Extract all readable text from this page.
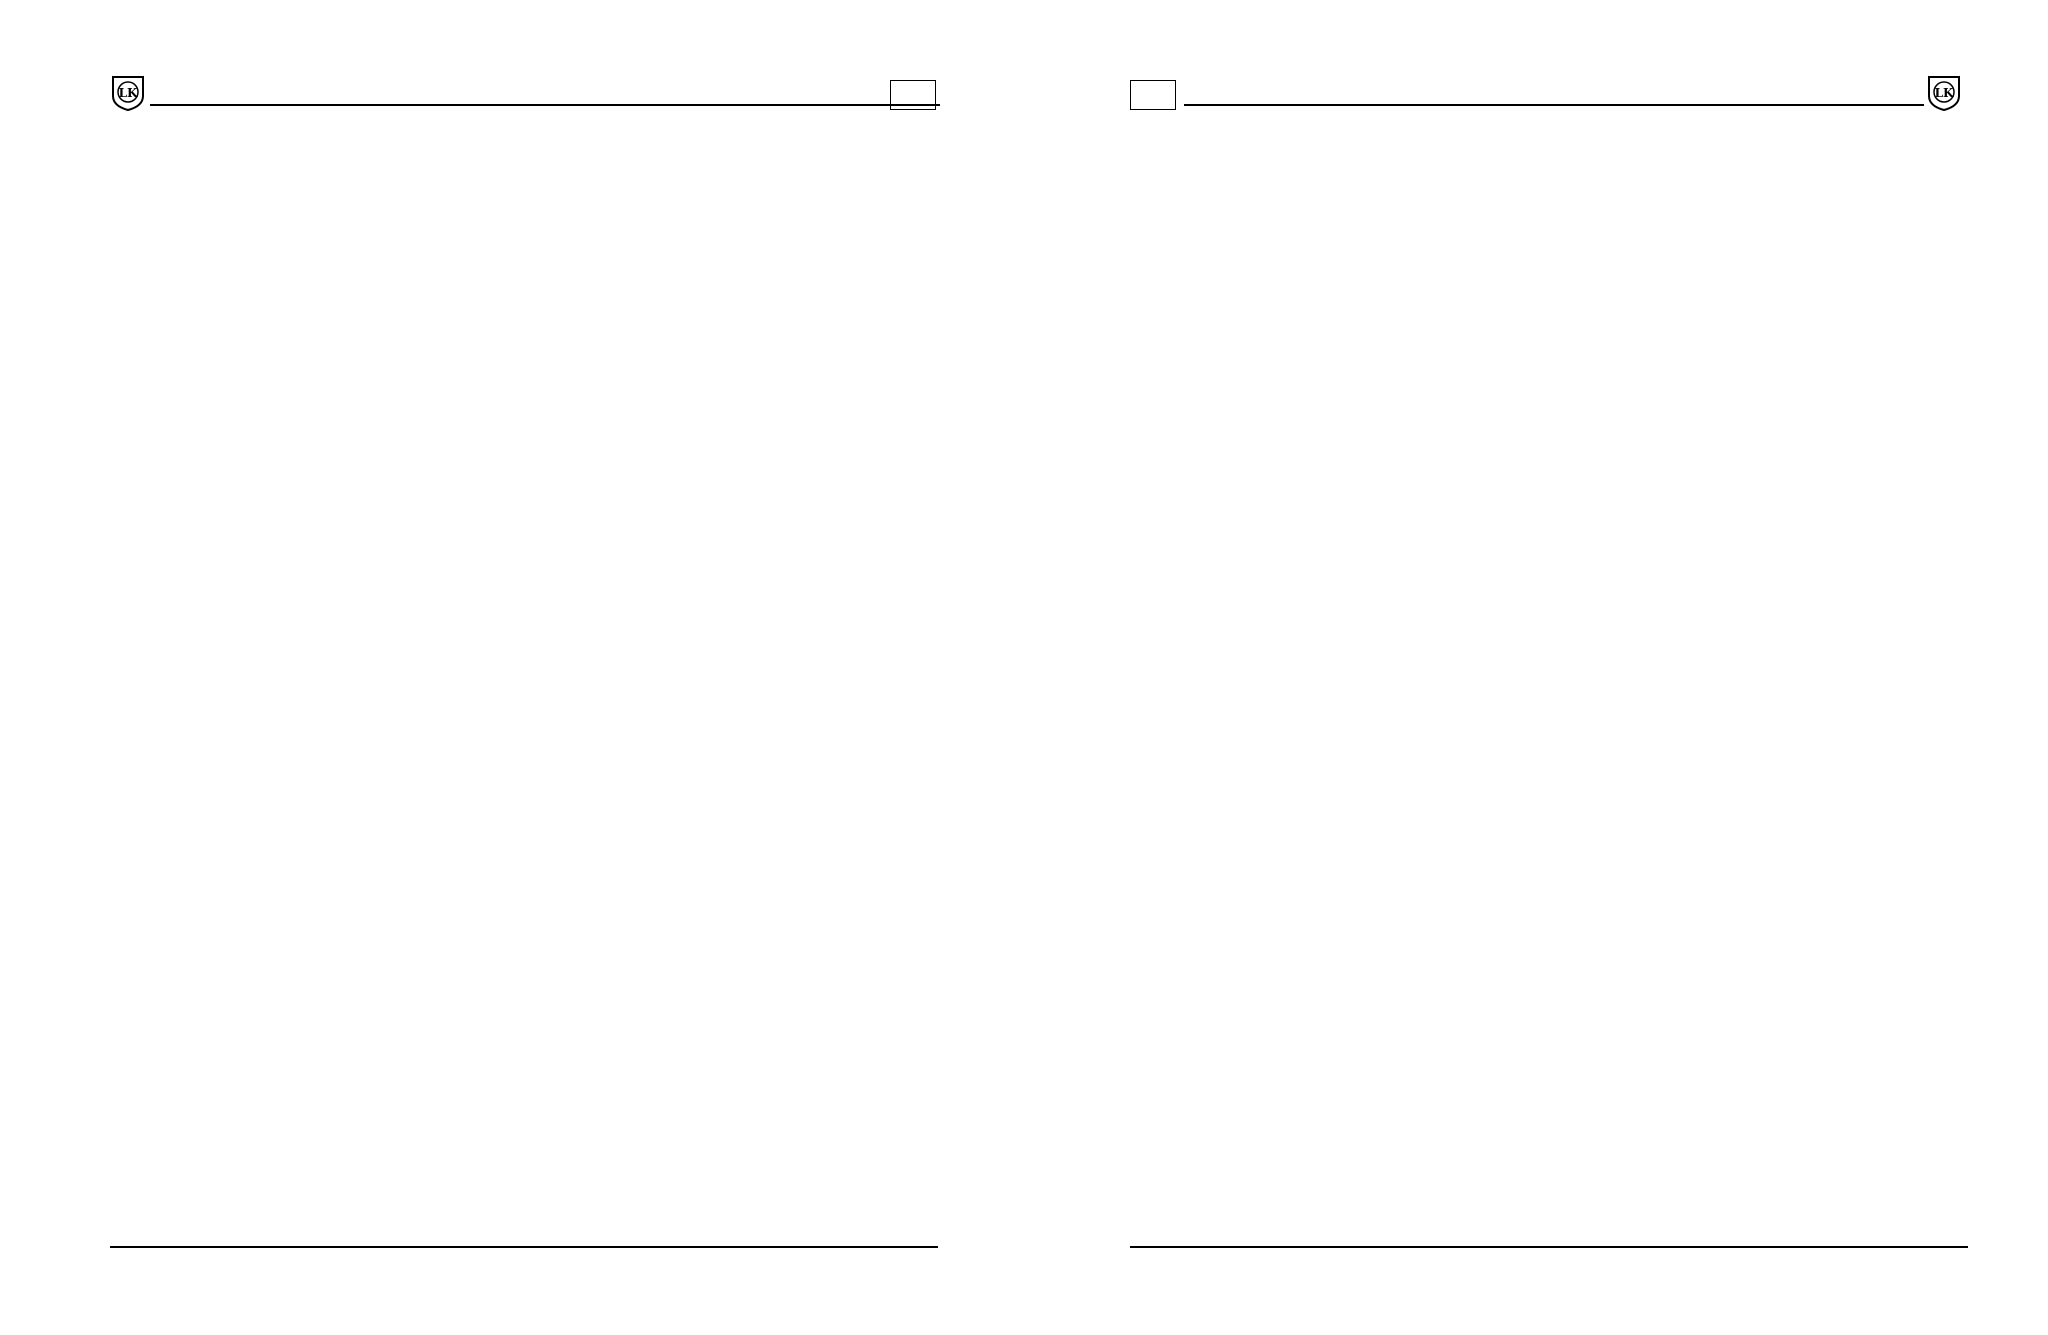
LK	LK
